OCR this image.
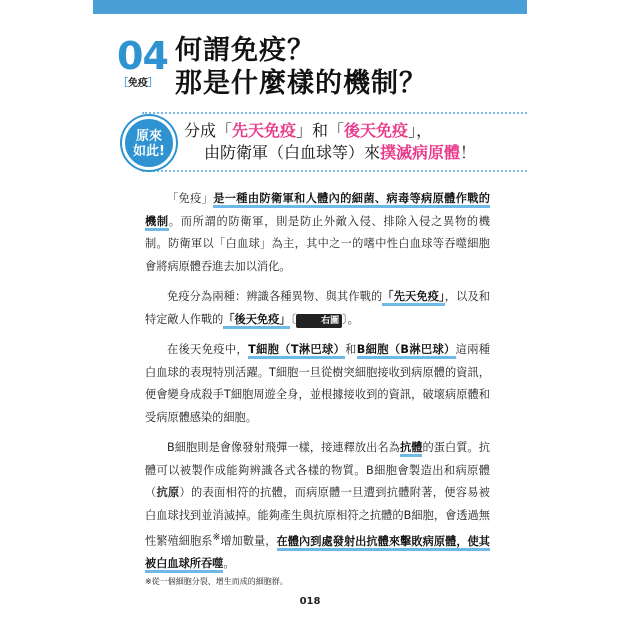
04
［免疫］
何謂免疫？
那是什麼樣的機制？
原來
如此!
分成「先天免疫」和「後天免疫」，
由防衛軍（白血球等）來撲滅病原體！

「免疫」是一種由防衛軍和人體內的細菌、病毒等病原體作戰的機制。而所謂的防衛軍，則是防止外敵入侵、排除入侵之異物的機制。防衛軍以「白血球」為主，其中之一的嗜中性白血球等吞噬細胞會將病原體吞進去加以消化。

免疫分為兩種：辨識各種異物、與其作戰的「先天免疫」，以及和特定敵人作戰的「後天免疫」〔	右圖 〕。

在後天免疫中，T細胞（T淋巴球）和B細胞（B淋巴球）這兩種白血球的表現特別活躍。T細胞一旦從樹突細胞接收到病原體的資訊，便會變身成殺手T細胞周遊全身，並根據接收到的資訊，破壞病原體和受病原體感染的細胞。

B細胞則是會像發射飛彈一樣，接連釋放出名為抗體的蛋白質。抗體可以被製作成能夠辨識各式各樣的物質。B細胞會製造出和病原體（抗原）的表面相符的抗體，而病原體一旦遭到抗體附著，便容易被白血球找到並消滅掉。能夠產生與抗原相符之抗體的B細胞，會透過無性繁殖細胞系※增加數量，在體內到處發射出抗體來擊敗病原體，使其被白血球所吞噬。

※從一個細胞分裂、增生而成的細胞群。
018
